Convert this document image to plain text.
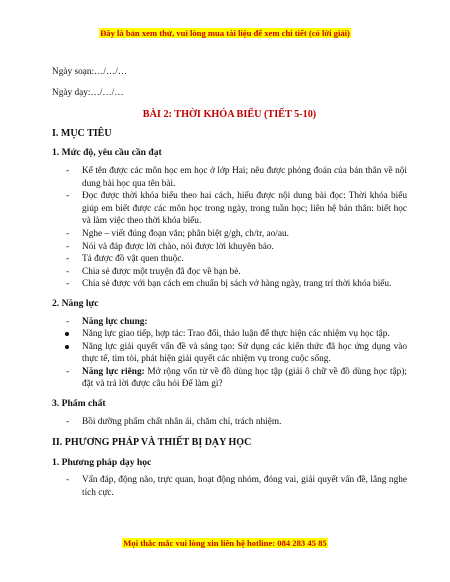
Đây là bản xem thử, vui lòng mua tài liệu để xem chi tiết (có lời giải)
Ngày soạn:…/…/…
Ngày dạy:…/…/…
BÀI 2: THỜI KHÓA BIỂU (TIẾT 5-10)
I. MỤC TIÊU
1. Mức độ, yêu cầu cần đạt
- Kể tên được các môn học em học ở lớp Hai; nêu được phỏng đoán của bản thân về nội dung bài học qua tên bài.
- Đọc được thời khóa biểu theo hai cách, hiểu được nội dung bài đọc: Thời khóa biểu giúp em biết được các môn học trong ngày, trong tuần học; liên hệ bản thân: biết học và làm việc theo thời khóa biểu.
- Nghe – viết đúng đoạn văn; phân biệt g/gh, ch/tr, ao/au.
- Nói và đáp được lời chào, nói được lời khuyên bảo.
- Tả được đồ vật quen thuộc.
- Chia sẻ được một truyện đã đọc về bạn bè.
- Chia sẻ được với bạn cách em chuẩn bị sách vở hàng ngày, trang trí thời khóa biểu.
2. Năng lực
- Năng lực chung:
Năng lực giao tiếp, hợp tác: Trao đổi, thảo luận để thực hiện các nhiệm vụ học tập.
Năng lực giải quyết vấn đề và sáng tạo: Sử dụng các kiến thức đã học ứng dụng vào thực tế, tìm tòi, phát hiện giải quyết các nhiệm vụ trong cuộc sống.
- Năng lực riêng: Mở rộng vốn từ về đồ dùng học tập (giải ô chữ về đồ dùng học tập); đặt và trả lời được câu hỏi Để làm gì?
3. Phẩm chất
- Bồi dưỡng phẩm chất nhân ái, chăm chỉ, trách nhiệm.
II. PHƯƠNG PHÁP VÀ THIẾT BỊ DẠY HỌC
1. Phương pháp dạy học
- Vấn đáp, động não, trực quan, hoạt động nhóm, đóng vai, giải quyết vấn đề, lắng nghe tích cực.
Mọi thắc mắc vui lòng xin liên hệ hotline: 084 283 45 85
